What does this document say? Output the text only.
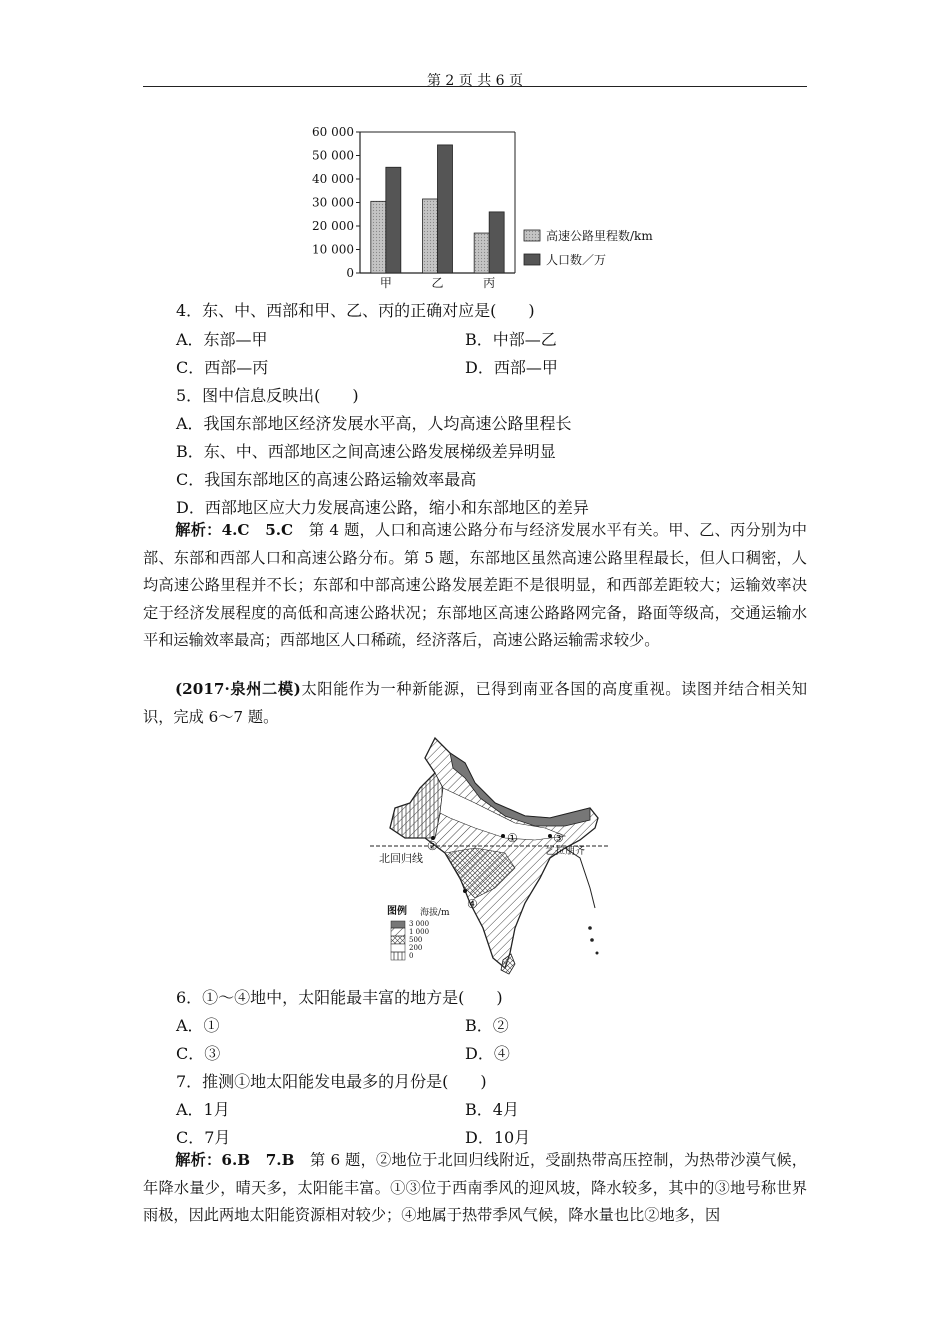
第 2 页 共 6 页
60 000
50 000
40 000
30 000
20 000
10 000
0
甲	乙	丙
高速公路里程数/km
人口数／万
4．东、中、西部和甲、乙、丙的正确对应是(　　)
A．东部—甲	B．中部—乙
C．西部—丙	D．西部—甲
5．图中信息反映出(　　)
A．我国东部地区经济发展水平高，人均高速公路里程长
B．东、中、西部地区之间高速公路发展梯级差异明显
C．我国东部地区的高速公路运输效率最高
D．西部地区应大力发展高速公路，缩小和东部地区的差异
解析：4.C　5.C　第 4 题，人口和高速公路分布与经济发展水平有关。甲、乙、丙分别为中部、东部和西部人口和高速公路分布。第 5 题，东部地区虽然高速公路里程最长，但人口稠密，人均高速公路里程并不长；东部和中部高速公路发展差距不是很明显，和西部差距较大；运输效率决定于经济发展程度的高低和高速公路状况；东部地区高速公路路网完备，路面等级高，交通运输水平和运输效率最高；西部地区人口稀疏，经济落后，高速公路运输需求较少。
(2017·泉州二模)太阳能作为一种新能源，已得到南亚各国的高度重视。读图并结合相关知识，完成 6～7 题。
北回归线
乞拉朋齐
②
①	③
④
图例 海拔/m
3 000
1 000
500
200
0
6．①～④地中，太阳能最丰富的地方是(　　)
A．①	B．②
C．③	D．④
7．推测①地太阳能发电最多的月份是(　　)
A．1月	B．4月
C．7月	D．10月
解析：6.B　7.B　第 6 题，②地位于北回归线附近，受副热带高压控制，为热带沙漠气候，年降水量少，晴天多，太阳能丰富。①③位于西南季风的迎风坡，降水较多，其中的③地号称世界雨极，因此两地太阳能资源相对较少；④地属于热带季风气候，降水量也比②地多，因
